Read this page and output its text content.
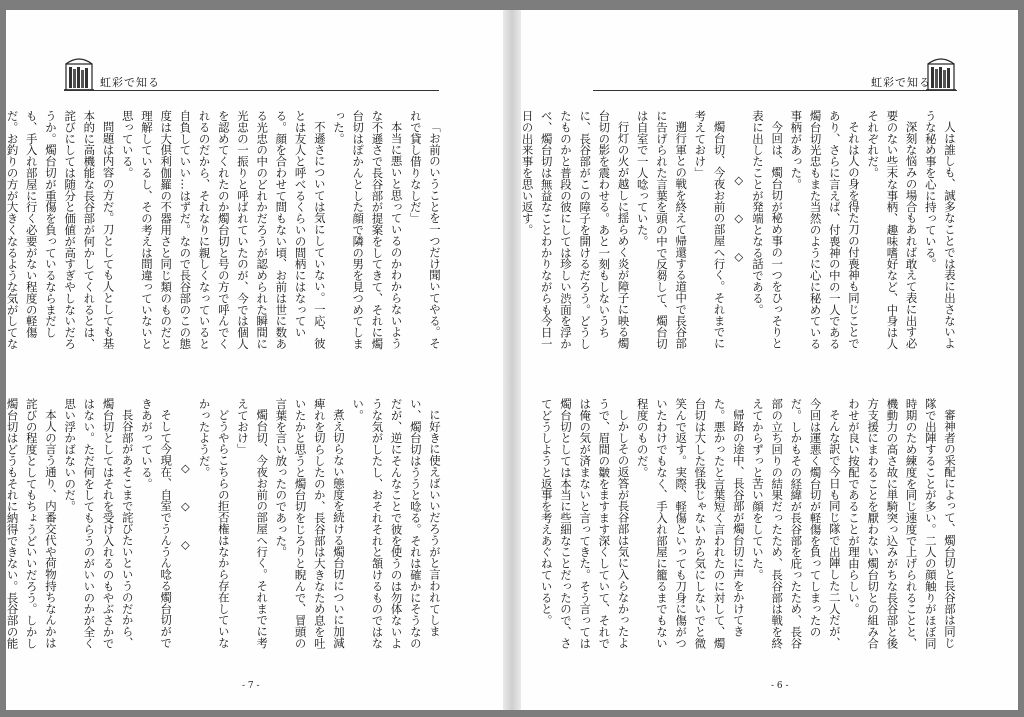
虹彩で知る

「お前のいうことを一つだけ聞いてやる。それで貸し借りなしだ」

本当に悪いと思っているのかわからないような不遜さで長谷部が提案をしてきて、それに燭台切はぽかんとした顔で隣の男を見つめてしまった。

不遜さについては気にしていない。一応、彼とは友人と呼べるくらいの間柄にはなっている。顔を合わせて間もない頃、お前は世に数ある光忠の中のどれかだろうが認められた瞬間に光忠の一振りと呼ばれていたのが、今では個人を認めてくれたのか燭台切と号の方で呼んでくれるのだから、それなりに親しくなっていると自負していい…はずだ。なので長谷部のこの態度は大倶利伽羅の不器用さと同じ類のものだと理解しているし、その考えは間違っていないと思っている。

問題は内容の方だ。刀としても人としても基本的に高機能な長谷部が何かしてくれるとは、詫びにしては随分と価値が高すぎやしないだろうか。燭台切が重傷を負っているならまだしも、手入れ部屋に行く必要がない程度の軽傷だ。お釣りの方が大きくなるような気がしてな

に好きに使えばいいだろうがと言われてしまい、燭台切はううと唸る。それは確かにそうなのだが、逆にそんなことで彼を使うのは勿体ないような気がしたし、おそれそれと頷けるものではない。

煮え切らない態度を続ける燭台切についに加減痺れを切らしたのか、長谷部は大きなため息を吐いたかと思うと燭台切をじろりと睨んで、冒頭の言葉を言い放ったのであった。

燭台切、今夜お前の部屋へ行く。それまでに考えておけ」

どうやらこちらの拒否権はなから存在していなかったようだ。

◇ ◇ ◇

そして今現在、自室でうんうん唸る燭台切ができあがっている。

長谷部があそこまで詫びたいというのだから、燭台切としてはそれを受け入れるのもやぶさかではない。ただ何をしてもらうのがいいのかが全く思い浮かばないのだ。

本人の言う通り、内番交代や荷物持ちなんかは詫びの程度としてもちょうどいいだろう。しかし燭台切はどうもそれに納得できない。長谷部の能

- 7 -
虹彩で知る

人は誰しも、誠多なことでは表に出さないような秘め事を心に持っている。

深刻な悩みの場合もあれば敢えて表に出す必要のない些末な事柄、趣味嗜好など、中身は人それぞれだ。

それは人の身を得た刀の付喪神も同じことであり、さらに言えば、付喪神の中の一人である燭台切光忠もまた当然のように心に秘めている事柄があった。

今回は、燭台切が秘め事の一つをひっそりと表に出したことが発端となる話である。

◇ ◇ ◇

燭台切、今夜お前の部屋へ行く。それまでに考えておけ」

遡行軍との戦を終えて帰還する道中で長谷部に告げられた言葉を頭の中で反芻して、燭台切は自室で一人唸っていた。

行灯の火が越しに揺らめく炎が障子に映る燭台切の影を震わせる。あと一刻もしないうちに、長谷部がこの障子を開けるだろう。どうしたものかと普段の彼にしては珍しい渋面を浮かべ、燭台切は無益なことわかりながらも今日一日の出来事を思い返す。

審神者の采配によって、燭台切と長谷部は同じ隊で出陣することが多い。二人の顔触りがほぼ同時期のため練度を同じ速度で上げられることと、機動力の高さ故に単騎突っ込みがちな長谷部と後方支援にまわることを厭わない燭台切との組み合わせが良い按配であることが理由らしい。

そんな訳で今日も同じ隊で出陣した二人だが、今回は運悪く燭台切が軽傷を負ってしまったのだ。しかもその経緯が長谷部を庇ったため、長谷部の立ち回りの結果だったため、長谷部は戦を終えてからずっと苦い顔をしていた。

帰路の途中、長谷部が燭台切に声をかけてきた。悪かったと言葉短く言われたのに対して、燭台切は大した怪我じゃないから気にしないでと微笑んで返す。実際、軽傷といっても刀身に傷がついたわけでもなく、手入れ部屋に籠るまでもない程度のものだ。

しかしその返答が長谷部は気に入らなかったようで、眉間の皺をますます深くしていて、それでは俺の気が済まないと言ってきた。そう言っては燭台切としては本当に些細なことだったので、さてどうしようと返事を考えあぐねていると。

- 6 -
